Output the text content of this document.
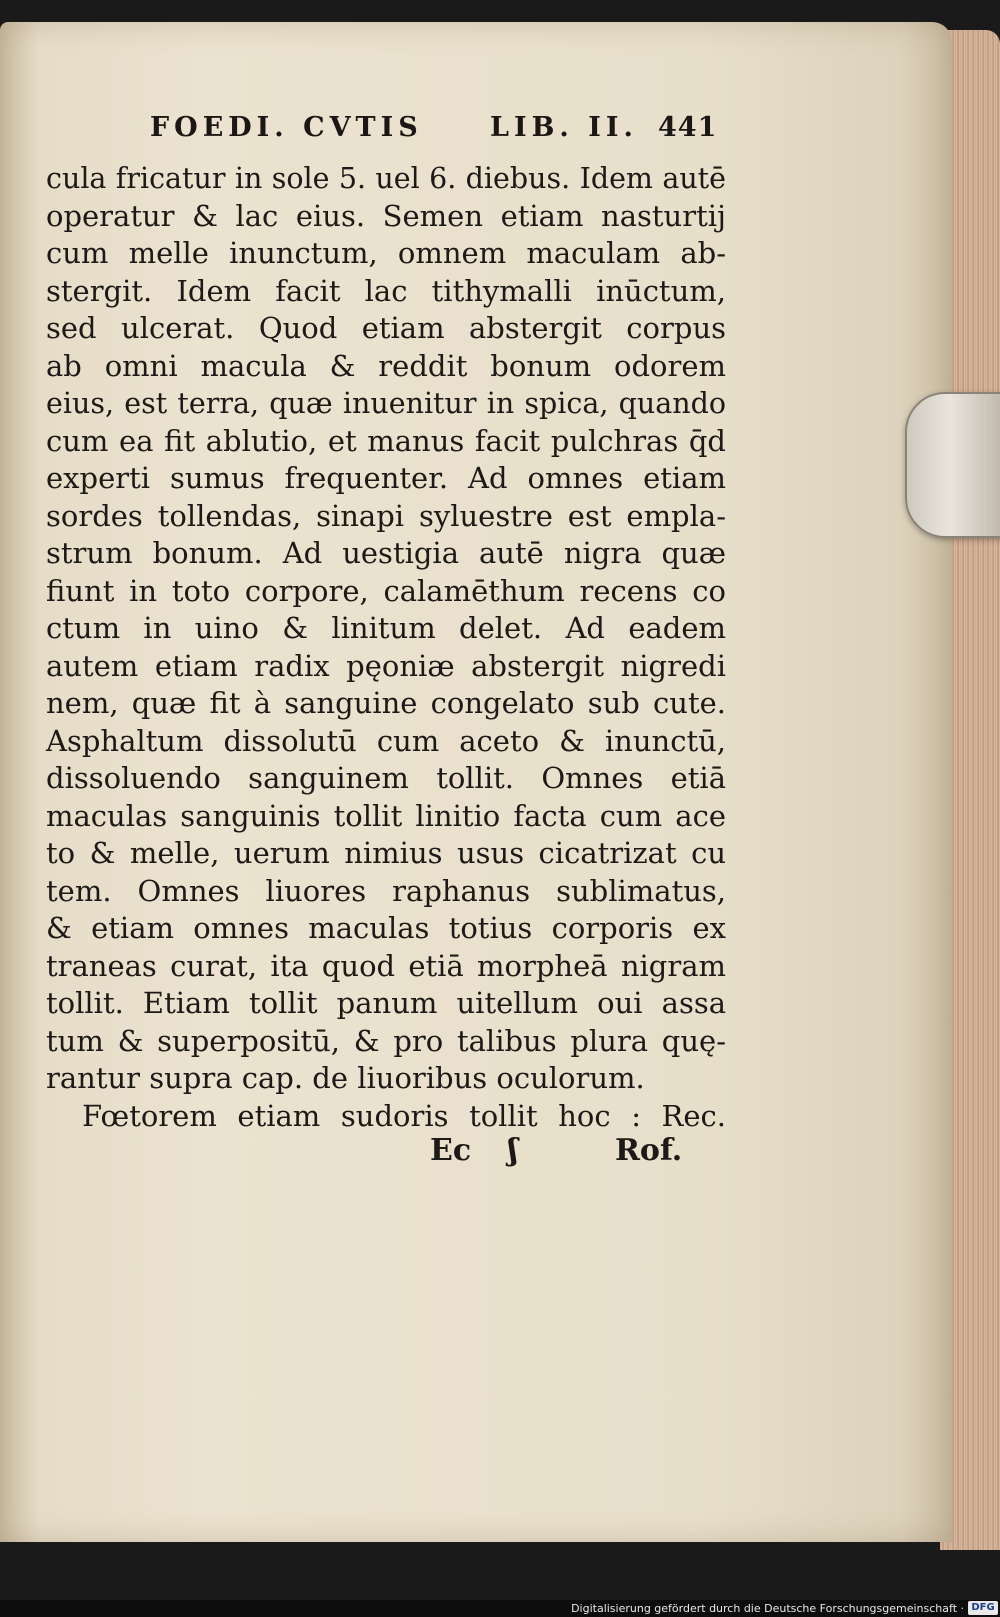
FOEDI. CVTIS LIB. II. 441
cula fricatur in sole 5. uel 6. diebus. Idem autē
operatur & lac eius. Semen etiam nasturtij
cum melle inunctum, omnem maculam ab-
stergit. Idem facit lac tithymalli inūctum,
sed ulcerat. Quod etiam abstergit corpus
ab omni macula & reddit bonum odorem
eius, est terra, quæ inuenitur in spica, quando
cum ea fit ablutio, et manus facit pulchras q̄d
experti sumus frequenter. Ad omnes etiam
sordes tollendas, sinapi syluestre est empla-
strum bonum. Ad uestigia autē nigra quæ
fiunt in toto corpore, calamēthum recens co
ctum in uino & linitum delet. Ad eadem
autem etiam radix pęoniæ abstergit nigredi
nem, quæ fit à sanguine congelato sub cute.
Asphaltum dissolutū cum aceto & inunctū,
dissoluendo sanguinem tollit. Omnes etiā
maculas sanguinis tollit linitio facta cum ace
to & melle, uerum nimius usus cicatrizat cu
tem. Omnes liuores raphanus sublimatus,
& etiam omnes maculas totius corporis ex
traneas curat, ita quod etiā morpheā nigram
tollit. Etiam tollit panum uitellum oui assa
tum & superpositū, & pro talibus plura quę-
rantur supra cap. de liuoribus oculorum.
Fœtorem etiam sudoris tollit hoc : Rec.
Ec ʃ	Rof.
Digitalisierung gefördert durch die Deutsche Forschungsgemeinschaft · DFG
